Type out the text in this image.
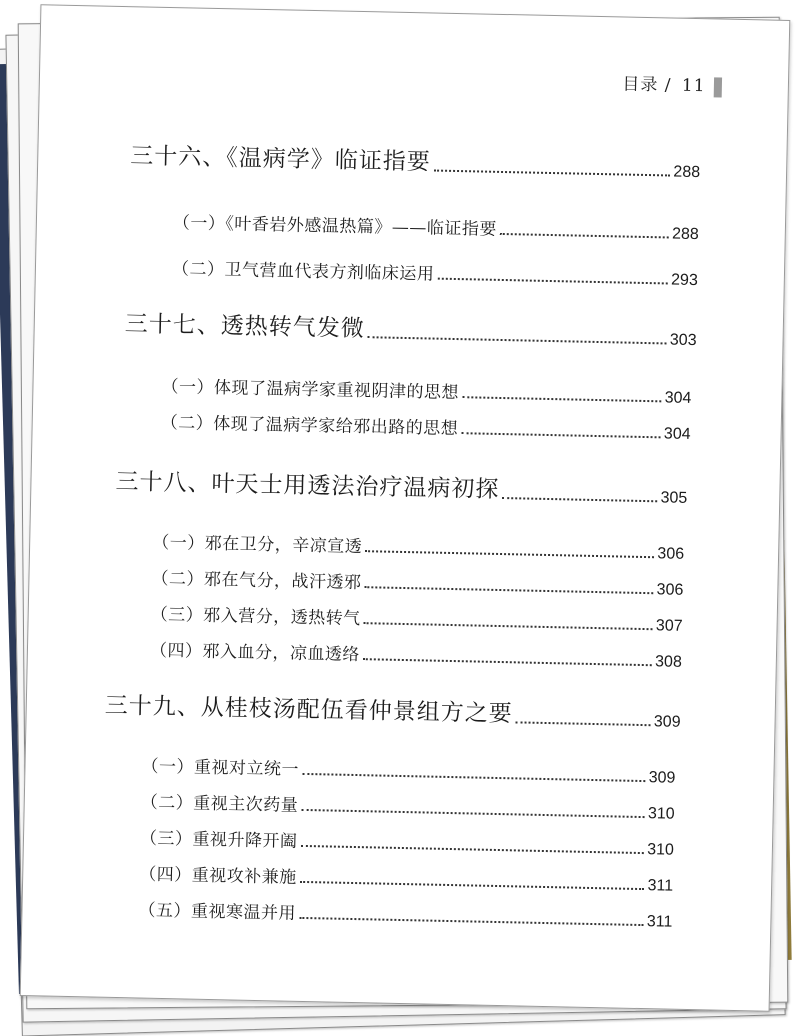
目录 / 11
三十六、《温病学》临证指要	288
（一）《叶香岩外感温热篇》——临证指要	288
（二）卫气营血代表方剂临床运用	293
三十七、透热转气发微	303
（一）体现了温病学家重视阴津的思想	304
（二）体现了温病学家给邪出路的思想	304
三十八、叶天士用透法治疗温病初探	305
（一）邪在卫分，辛凉宣透	306
（二）邪在气分，战汗透邪	306
（三）邪入营分，透热转气	307
（四）邪入血分，凉血透络	308
三十九、从桂枝汤配伍看仲景组方之要	309
（一）重视对立统一	309
（二）重视主次药量	310
（三）重视升降开阖	310
（四）重视攻补兼施	311
（五）重视寒温并用	311
